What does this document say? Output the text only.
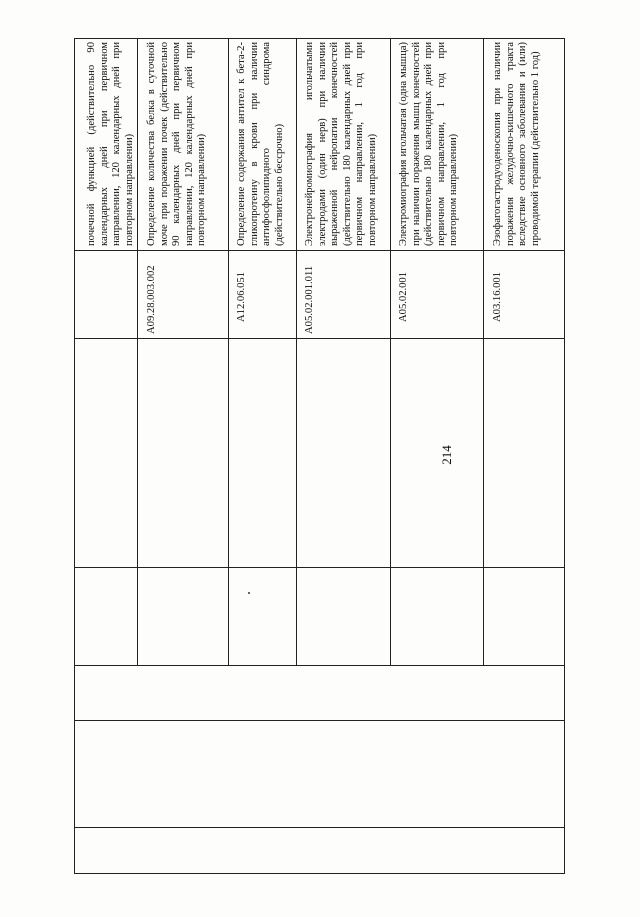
214
почечной функцией (действительно 90 календарных дней при первичном направлении, 120 календарных дней при повторном направлении)
A09.28.003.002
Определение количества белка в суточной моче при поражении почек (действительно 90 календарных дней при первичном направлении, 120 календарных дней при повторном направлении)
A12.06.051
Определение содержания антител к бета-2-гликопротеину в крови при наличии антифосфолипидного синдрома (действительно бессрочно)
A05.02.001.011
Электронейромиография игольчатыми электродами (один нерв) при наличии выраженной нейропатии конечностей (действительно 180 календарных дней при первичном направлении, 1 год при повторном направлении)
A05.02.001
Электромиография игольчатая (одна мышца) при наличии поражения мышц конечностей (действительно 180 календарных дней при первичном направлении, 1 год при повторном направлении)
A03.16.001
Эзофагогастродуоденоскопия при наличии поражения желудочно-кишечного тракта вследствие основного заболевания и (или) проводимой терапии (действительно 1 год)
